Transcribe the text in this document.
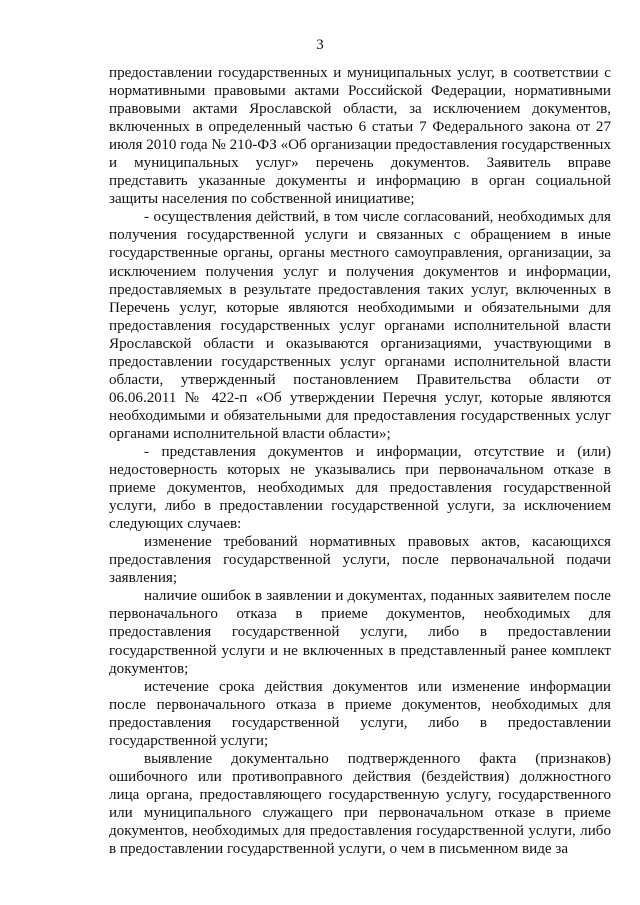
3

предоставлении государственных и муниципальных услуг, в соответствии с нормативными правовыми актами Российской Федерации, нормативными правовыми актами Ярославской области, за исключением документов, включенных в определенный частью 6 статьи 7 Федерального закона от 27 июля 2010 года № 210-ФЗ «Об организации предоставления государственных и муниципальных услуг» перечень документов. Заявитель вправе представить указанные документы и информацию в орган социальной защиты населения по собственной инициативе;

- осуществления действий, в том числе согласований, необходимых для получения государственной услуги и связанных с обращением в иные государственные органы, органы местного самоуправления, организации, за исключением получения услуг и получения документов и информации, предоставляемых в результате предоставления таких услуг, включенных в Перечень услуг, которые являются необходимыми и обязательными для предоставления государственных услуг органами исполнительной власти Ярославской области и оказываются организациями, участвующими в предоставлении государственных услуг органами исполнительной власти области, утвержденный постановлением Правительства области от 06.06.2011 № 422-п «Об утверждении Перечня услуг, которые являются необходимыми и обязательными для предоставления государственных услуг органами исполнительной власти области»;

- представления документов и информации, отсутствие и (или) недостоверность которых не указывались при первоначальном отказе в приеме документов, необходимых для предоставления государственной услуги, либо в предоставлении государственной услуги, за исключением следующих случаев:

изменение требований нормативных правовых актов, касающихся предоставления государственной услуги, после первоначальной подачи заявления;

наличие ошибок в заявлении и документах, поданных заявителем после первоначального отказа в приеме документов, необходимых для предоставления государственной услуги, либо в предоставлении государственной услуги и не включенных в представленный ранее комплект документов;

истечение срока действия документов или изменение информации после первоначального отказа в приеме документов, необходимых для предоставления государственной услуги, либо в предоставлении государственной услуги;

выявление документально подтвержденного факта (признаков) ошибочного или противоправного действия (бездействия) должностного лица органа, предоставляющего государственную услугу, государственного или муниципального служащего при первоначальном отказе в приеме документов, необходимых для предоставления государственной услуги, либо в предоставлении государственной услуги, о чем в письменном виде за
